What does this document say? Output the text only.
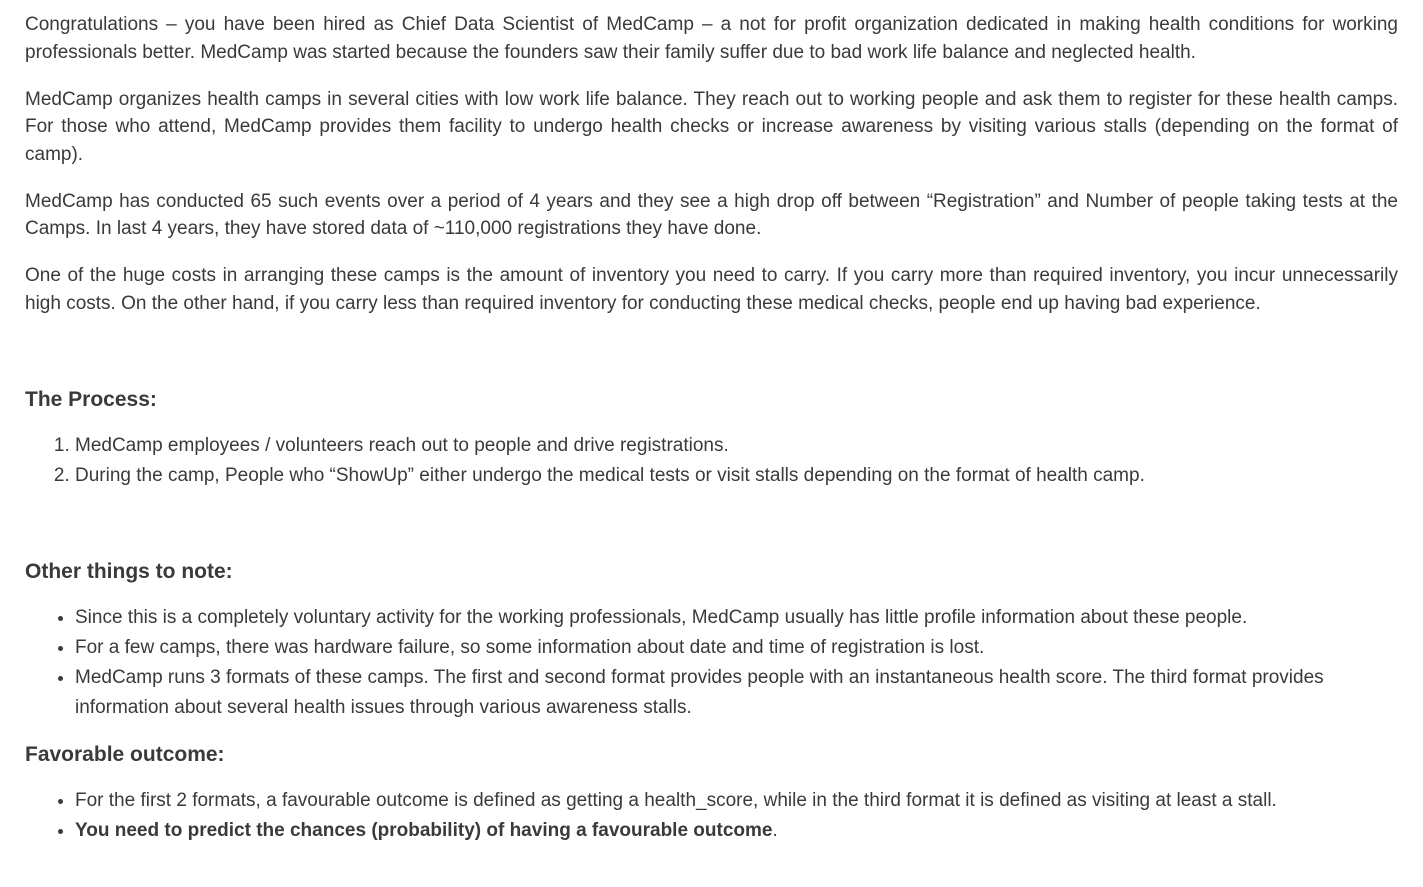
Congratulations – you have been hired as Chief Data Scientist of MedCamp – a not for profit organization dedicated in making health conditions for working professionals better. MedCamp was started because the founders saw their family suffer due to bad work life balance and neglected health.

MedCamp organizes health camps in several cities with low work life balance. They reach out to working people and ask them to register for these health camps. For those who attend, MedCamp provides them facility to undergo health checks or increase awareness by visiting various stalls (depending on the format of camp).

MedCamp has conducted 65 such events over a period of 4 years and they see a high drop off between “Registration” and Number of people taking tests at the Camps. In last 4 years, they have stored data of ~110,000 registrations they have done.

One of the huge costs in arranging these camps is the amount of inventory you need to carry. If you carry more than required inventory, you incur unnecessarily high costs. On the other hand, if you carry less than required inventory for conducting these medical checks, people end up having bad experience.

The Process:
1. MedCamp employees / volunteers reach out to people and drive registrations.
2. During the camp, People who “ShowUp” either undergo the medical tests or visit stalls depending on the format of health camp.
Other things to note:
• Since this is a completely voluntary activity for the working professionals, MedCamp usually has little profile information about these people.
• For a few camps, there was hardware failure, so some information about date and time of registration is lost.
• MedCamp runs 3 formats of these camps. The first and second format provides people with an instantaneous health score. The third format provides information about several health issues through various awareness stalls.
Favorable outcome:
• For the first 2 formats, a favourable outcome is defined as getting a health_score, while in the third format it is defined as visiting at least a stall.
• You need to predict the chances (probability) of having a favourable outcome.
